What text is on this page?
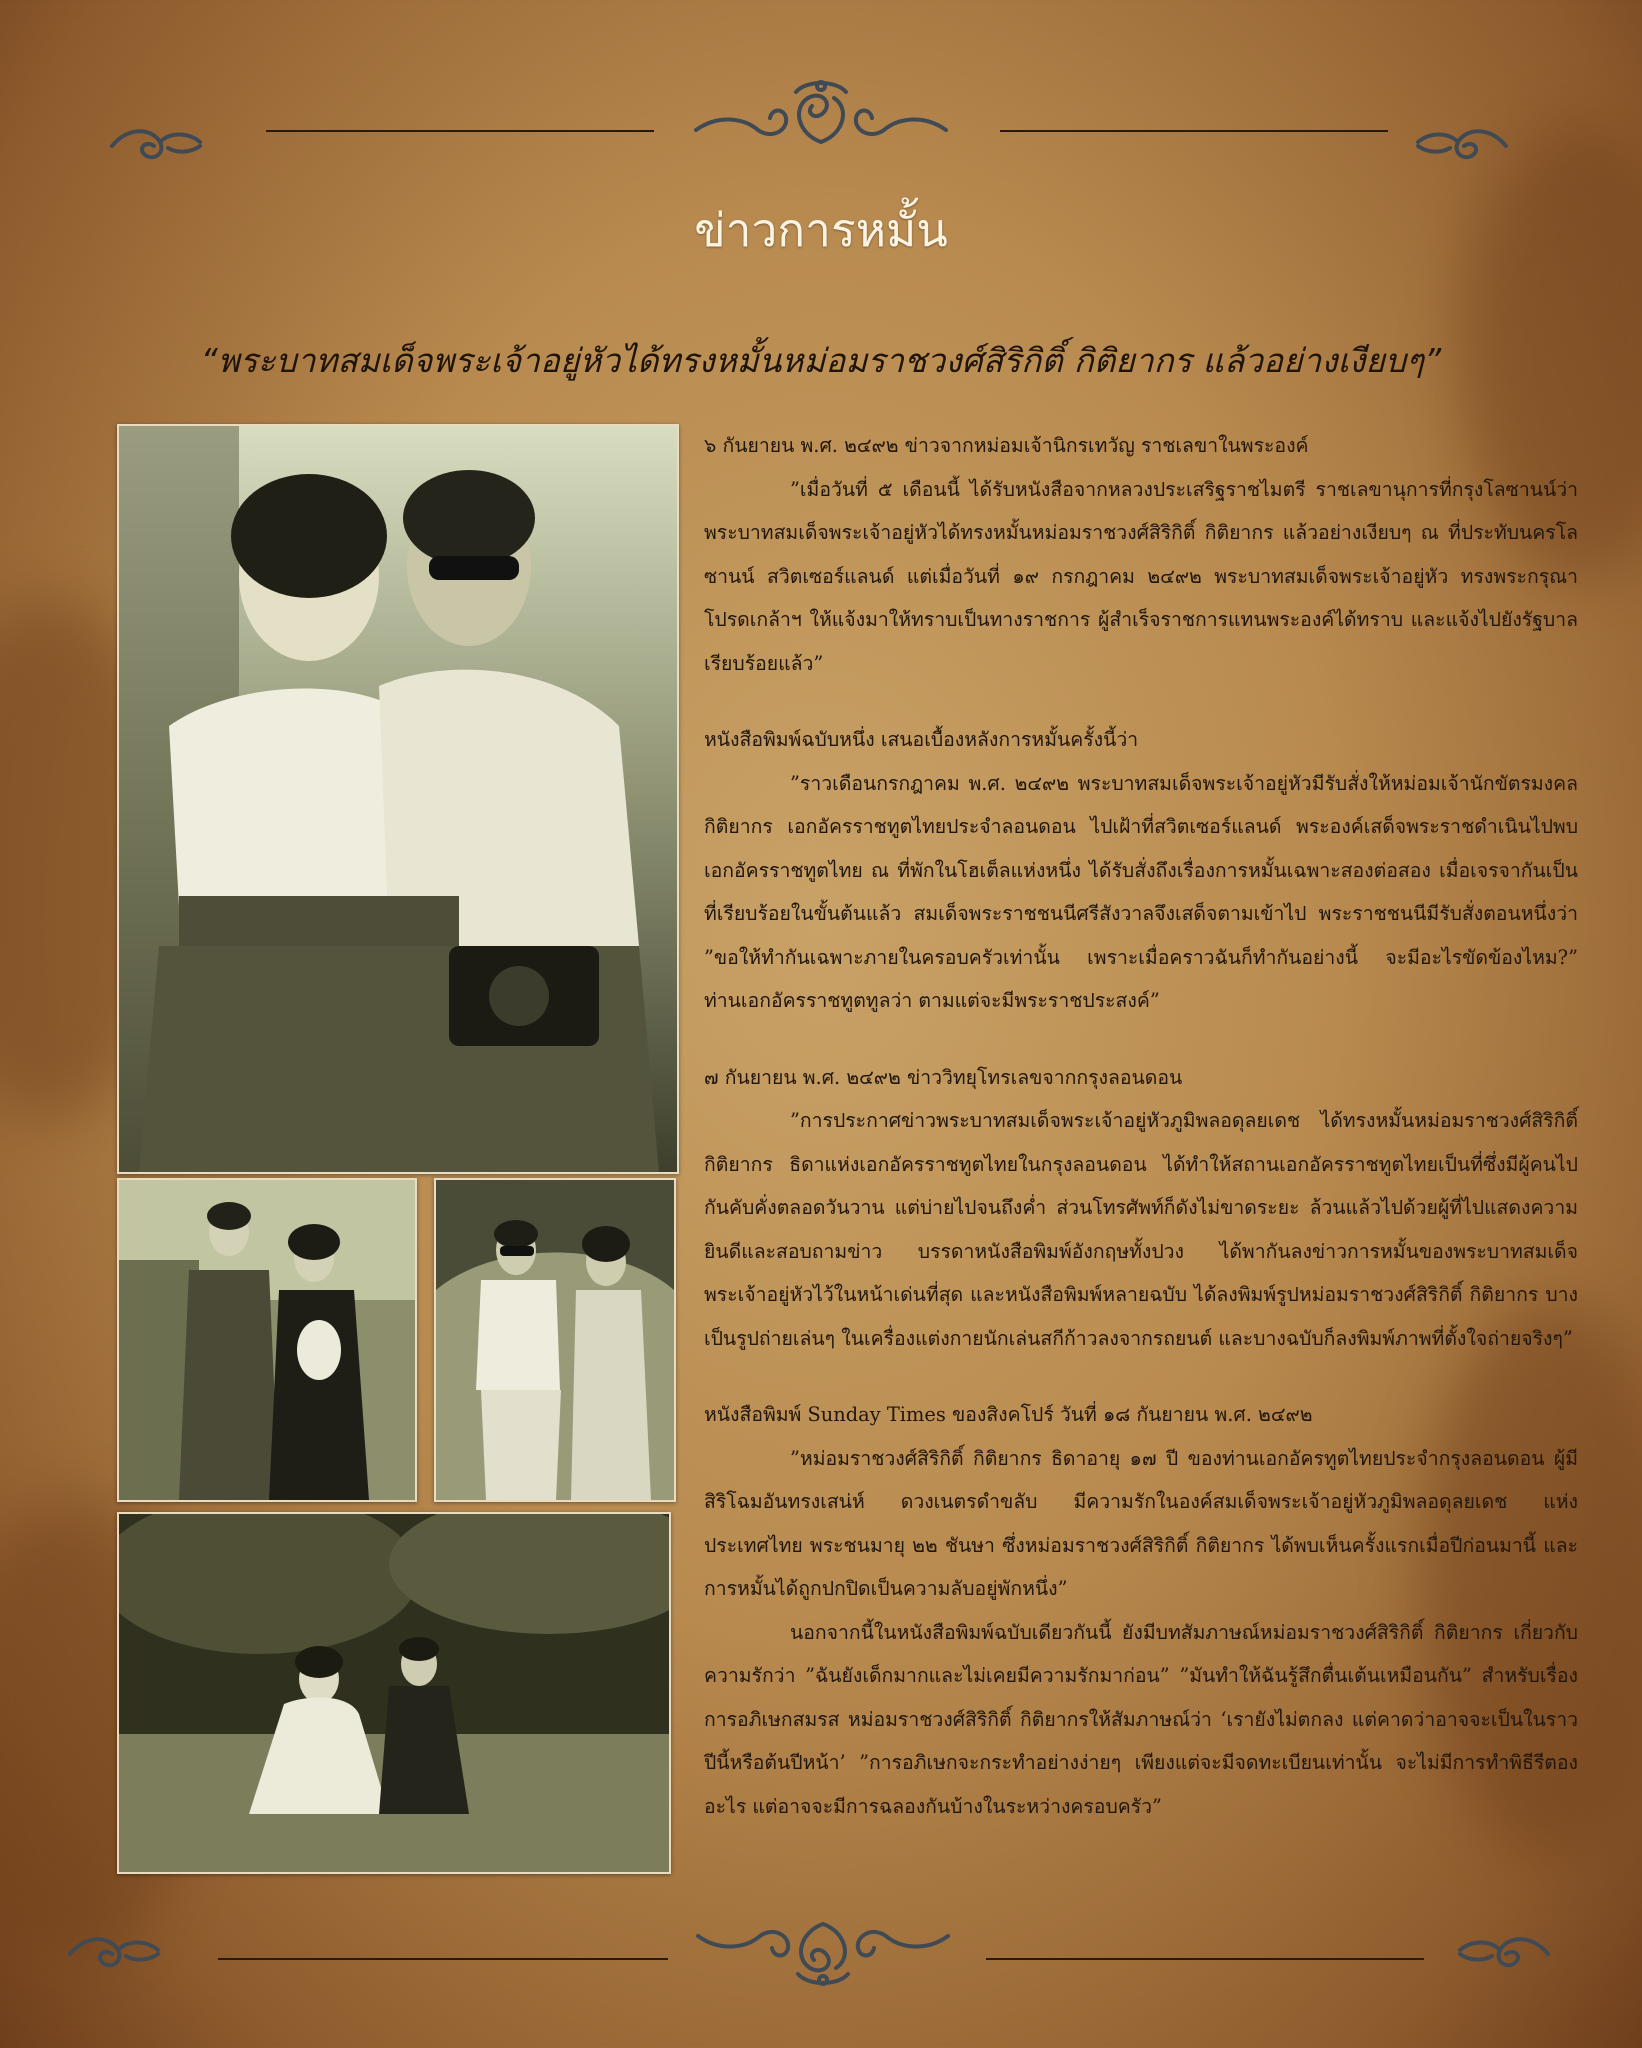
ข่าวการหมั้น
“พระบาทสมเด็จพระเจ้าอยู่หัวได้ทรงหมั้นหม่อมราชวงศ์สิริกิติ์ กิติยากร แล้วอย่างเงียบๆ”
๖ กันยายน พ.ศ. ๒๔๙๒ ข่าวจากหม่อมเจ้านิกรเทวัญ ราชเลขาในพระองค์
”เมื่อวันที่ ๕ เดือนนี้ ได้รับหนังสือจากหลวงประเสริฐราชไมตรี ราชเลขานุการที่กรุงโลซานน์ว่า พระบาทสมเด็จพระเจ้าอยู่หัวได้ทรงหมั้นหม่อมราชวงศ์สิริกิติ์ กิติยากร แล้วอย่างเงียบๆ ณ ที่ประทับนครโลซานน์ สวิตเซอร์แลนด์ แต่เมื่อวันที่ ๑๙ กรกฎาคม ๒๔๙๒ พระบาทสมเด็จพระเจ้าอยู่หัว ทรงพระกรุณาโปรดเกล้าฯ ให้แจ้งมาให้ทราบเป็นทางราชการ ผู้สำเร็จราชการแทนพระองค์ได้ทราบ และแจ้งไปยังรัฐบาลเรียบร้อยแล้ว”
หนังสือพิมพ์ฉบับหนึ่ง เสนอเบื้องหลังการหมั้นครั้งนี้ว่า
”ราวเดือนกรกฎาคม พ.ศ. ๒๔๙๒ พระบาทสมเด็จพระเจ้าอยู่หัวมีรับสั่งให้หม่อมเจ้านักขัตรมงคล กิติยากร เอกอัครราชทูตไทยประจำลอนดอน ไปเฝ้าที่สวิตเซอร์แลนด์ พระองค์เสด็จพระราชดำเนินไปพบเอกอัครราชทูตไทย ณ ที่พักในโฮเต็ลแห่งหนึ่ง ได้รับสั่งถึงเรื่องการหมั้นเฉพาะสองต่อสอง เมื่อเจรจากันเป็นที่เรียบร้อยในขั้นต้นแล้ว สมเด็จพระราชชนนีศรีสังวาลจึงเสด็จตามเข้าไป พระราชชนนีมีรับสั่งตอนหนึ่งว่า ”ขอให้ทำกันเฉพาะภายในครอบครัวเท่านั้น เพราะเมื่อคราวฉันก็ทำกันอย่างนี้ จะมีอะไรขัดข้องไหม?” ท่านเอกอัครราชทูตทูลว่า ตามแต่จะมีพระราชประสงค์”
๗ กันยายน พ.ศ. ๒๔๙๒ ข่าววิทยุโทรเลขจากกรุงลอนดอน
”การประกาศข่าวพระบาทสมเด็จพระเจ้าอยู่หัวภูมิพลอดุลยเดช ได้ทรงหมั้นหม่อมราชวงศ์สิริกิติ์ กิติยากร ธิดาแห่งเอกอัครราชทูตไทยในกรุงลอนดอน ได้ทำให้สถานเอกอัครราชทูตไทยเป็นที่ซึ่งมีผู้คนไปกันคับคั่งตลอดวันวาน แต่บ่ายไปจนถึงค่ำ ส่วนโทรศัพท์ก็ดังไม่ขาดระยะ ล้วนแล้วไปด้วยผู้ที่ไปแสดงความยินดีและสอบถามข่าว บรรดาหนังสือพิมพ์อังกฤษทั้งปวง ได้พากันลงข่าวการหมั้นของพระบาทสมเด็จพระเจ้าอยู่หัวไว้ในหน้าเด่นที่สุด และหนังสือพิมพ์หลายฉบับ ได้ลงพิมพ์รูปหม่อมราชวงศ์สิริกิติ์ กิติยากร บางเป็นรูปถ่ายเล่นๆ ในเครื่องแต่งกายนักเล่นสกีก้าวลงจากรถยนต์ และบางฉบับก็ลงพิมพ์ภาพที่ตั้งใจถ่ายจริงๆ”
หนังสือพิมพ์ Sunday Times ของสิงคโปร์ วันที่ ๑๘ กันยายน พ.ศ. ๒๔๙๒
”หม่อมราชวงศ์สิริกิติ์ กิติยากร ธิดาอายุ ๑๗ ปี ของท่านเอกอัครทูตไทยประจำกรุงลอนดอน ผู้มีสิริโฉมอันทรงเสน่ห์ ดวงเนตรดำขลับ มีความรักในองค์สมเด็จพระเจ้าอยู่หัวภูมิพลอดุลยเดช แห่งประเทศไทย พระชนมายุ ๒๒ ชันษา ซึ่งหม่อมราชวงศ์สิริกิติ์ กิติยากร ได้พบเห็นครั้งแรกเมื่อปีก่อนมานี้ และการหมั้นได้ถูกปกปิดเป็นความลับอยู่พักหนึ่ง”
นอกจากนี้ในหนังสือพิมพ์ฉบับเดียวกันนี้ ยังมีบทสัมภาษณ์หม่อมราชวงศ์สิริกิติ์ กิติยากร เกี่ยวกับความรักว่า ”ฉันยังเด็กมากและไม่เคยมีความรักมาก่อน” ”มันทำให้ฉันรู้สึกตื่นเต้นเหมือนกัน” สำหรับเรื่องการอภิเษกสมรส หม่อมราชวงศ์สิริกิติ์ กิติยากรให้สัมภาษณ์ว่า ‘เรายังไม่ตกลง แต่คาดว่าอาจจะเป็นในราวปีนี้หรือต้นปีหน้า’ ”การอภิเษกจะกระทำอย่างง่ายๆ เพียงแต่จะมีจดทะเบียนเท่านั้น จะไม่มีการทำพิธีรีตองอะไร แต่อาจจะมีการฉลองกันบ้างในระหว่างครอบครัว”
